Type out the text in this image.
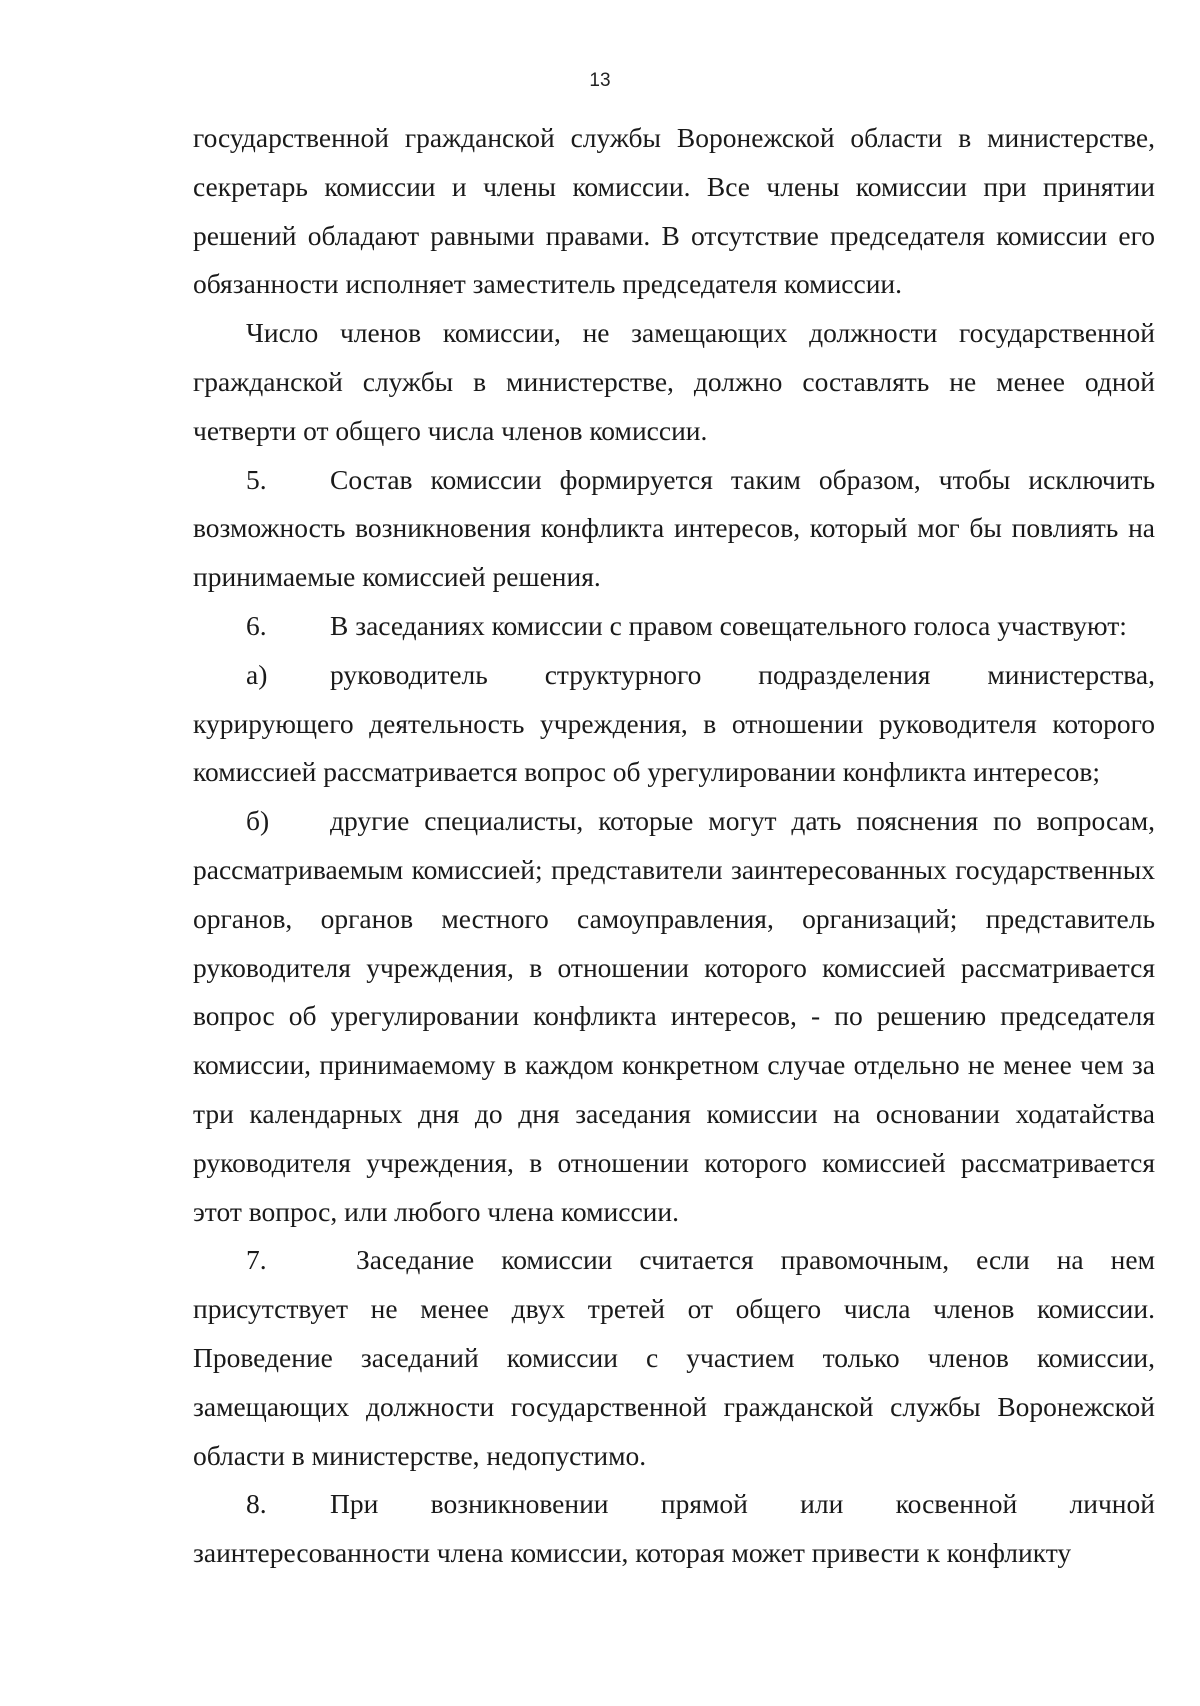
13

государственной гражданской службы Воронежской области в министерстве, секретарь комиссии и члены комиссии. Все члены комиссии при принятии решений обладают равными правами. В отсутствие председателя комиссии его обязанности исполняет заместитель председателя комиссии.

Число членов комиссии, не замещающих должности государственной гражданской службы в министерстве, должно составлять не менее одной четверти от общего числа членов комиссии.

5. Состав комиссии формируется таким образом, чтобы исключить возможность возникновения конфликта интересов, который мог бы повлиять на принимаемые комиссией решения.

6. В заседаниях комиссии с правом совещательного голоса участвуют:

а) руководитель структурного подразделения министерства, курирующего деятельность учреждения, в отношении руководителя которого комиссией рассматривается вопрос об урегулировании конфликта интересов;

б) другие специалисты, которые могут дать пояснения по вопросам, рассматриваемым комиссией; представители заинтересованных государственных органов, органов местного самоуправления, организаций; представитель руководителя учреждения, в отношении которого комиссией рассматривается вопрос об урегулировании конфликта интересов, - по решению председателя комиссии, принимаемому в каждом конкретном случае отдельно не менее чем за три календарных дня до дня заседания комиссии на основании ходатайства руководителя учреждения, в отношении которого комиссией рассматривается этот вопрос, или любого члена комиссии.

7.	Заседание комиссии считается правомочным, если на нем присутствует не менее двух третей от общего числа членов комиссии. Проведение заседаний комиссии с участием только членов комиссии, замещающих должности государственной гражданской службы Воронежской области в министерстве, недопустимо.

8. При возникновении прямой или косвенной личной заинтересованности члена комиссии, которая может привести к конфликту
